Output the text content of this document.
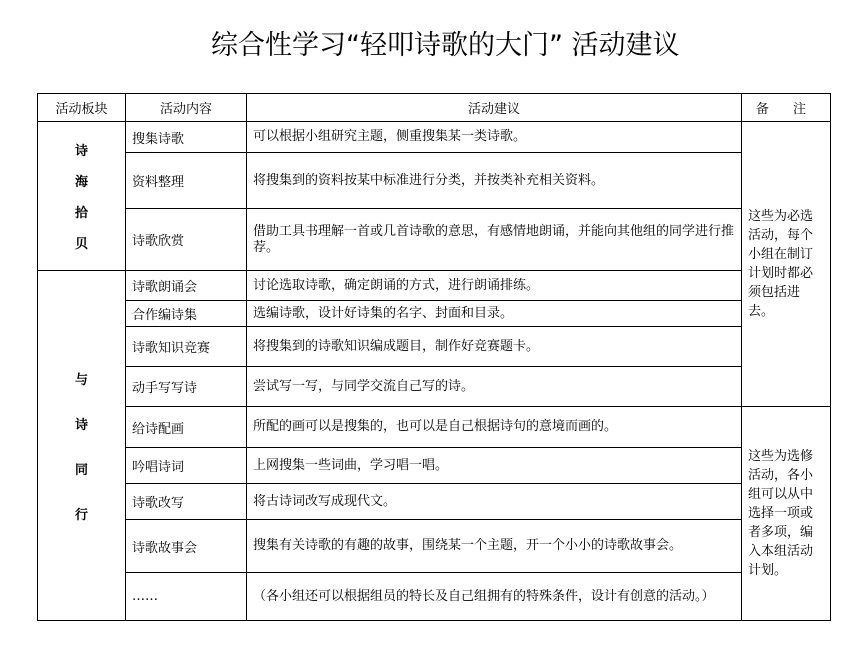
综合性学习“轻叩诗歌的大门” 活动建议
活动板块	活动内容	活动建议	备 注

诗
海
拾
贝	搜集诗歌	可以根据小组研究主题，侧重搜集某一类诗歌。	这些为必选活动，每个小组在制订计划时都必须包括进去。
	资料整理	将搜集到的资料按某中标准进行分类，并按类补充相关资料。	
	诗歌欣赏	借助工具书理解一首或几首诗歌的意思，有感情地朗诵，并能向其他组的同学进行推荐。	

与
诗
同
行	诗歌朗诵会	讨论选取诗歌，确定朗诵的方式，进行朗诵排练。	
	合作编诗集	选编诗歌，设计好诗集的名字、封面和目录。	
	诗歌知识竞赛	将搜集到的诗歌知识编成题目，制作好竞赛题卡。	
	动手写写诗	尝试写一写，与同学交流自己写的诗。	
	给诗配画	所配的画可以是搜集的，也可以是自己根据诗句的意境而画的。	这些为选修活动，各小组可以从中选择一项或者多项，编入本组活动计划。
	吟唱诗词	上网搜集一些词曲，学习唱一唱。	
	诗歌改写	将古诗词改写成现代文。	
	诗歌故事会	搜集有关诗歌的有趣的故事，围绕某一个主题，开一个小小的诗歌故事会。	
	……	（各小组还可以根据组员的特长及自己组拥有的特殊条件，设计有创意的活动。）	
